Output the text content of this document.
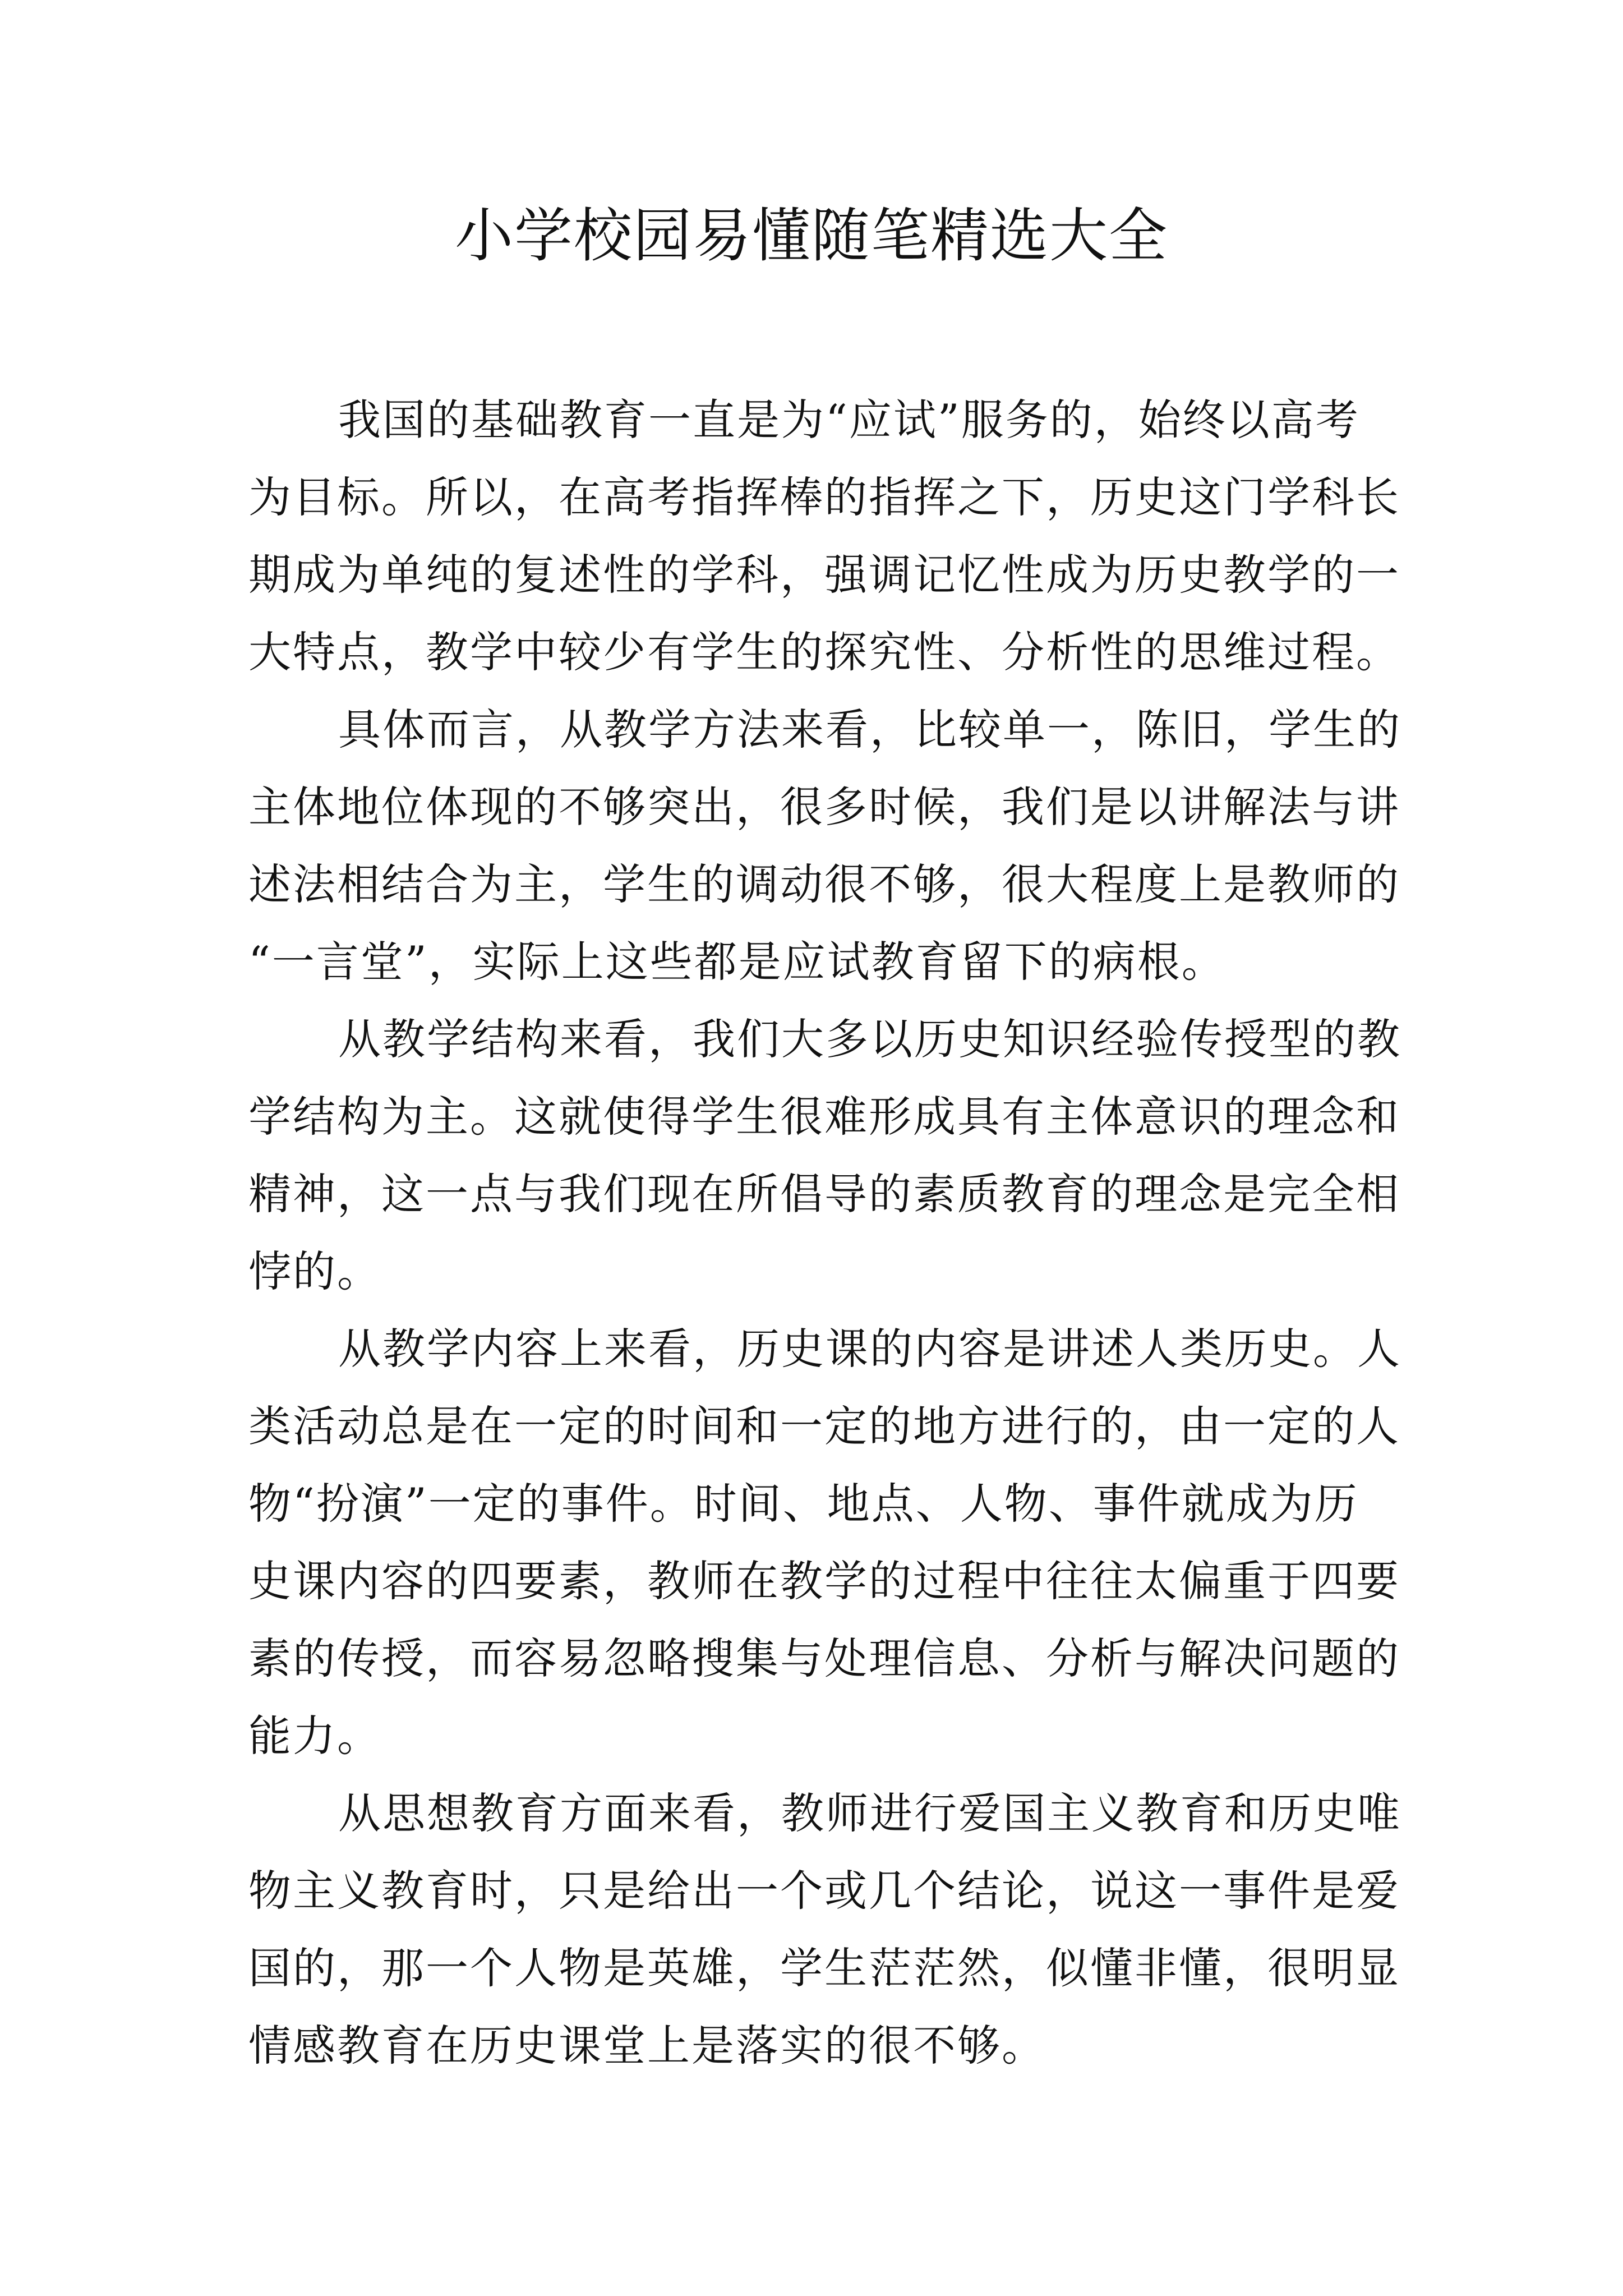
小学校园易懂随笔精选大全

我国的基础教育一直是为“应试”服务的，始终以高考
为目标。所以，在高考指挥棒的指挥之下，历史这门学科长
期成为单纯的复述性的学科，强调记忆性成为历史教学的一
大特点，教学中较少有学生的探究性、分析性的思维过程。

具体而言，从教学方法来看，比较单一，陈旧，学生的
主体地位体现的不够突出，很多时候，我们是以讲解法与讲
述法相结合为主，学生的调动很不够，很大程度上是教师的
“一言堂”，实际上这些都是应试教育留下的病根。

从教学结构来看，我们大多以历史知识经验传授型的教
学结构为主。这就使得学生很难形成具有主体意识的理念和
精神，这一点与我们现在所倡导的素质教育的理念是完全相
悖的。

从教学内容上来看，历史课的内容是讲述人类历史。人
类活动总是在一定的时间和一定的地方进行的，由一定的人
物“扮演”一定的事件。时间、地点、人物、事件就成为历
史课内容的四要素，教师在教学的过程中往往太偏重于四要
素的传授，而容易忽略搜集与处理信息、分析与解决问题的
能力。

从思想教育方面来看，教师进行爱国主义教育和历史唯
物主义教育时，只是给出一个或几个结论，说这一事件是爱
国的，那一个人物是英雄，学生茫茫然，似懂非懂，很明显
情感教育在历史课堂上是落实的很不够。
